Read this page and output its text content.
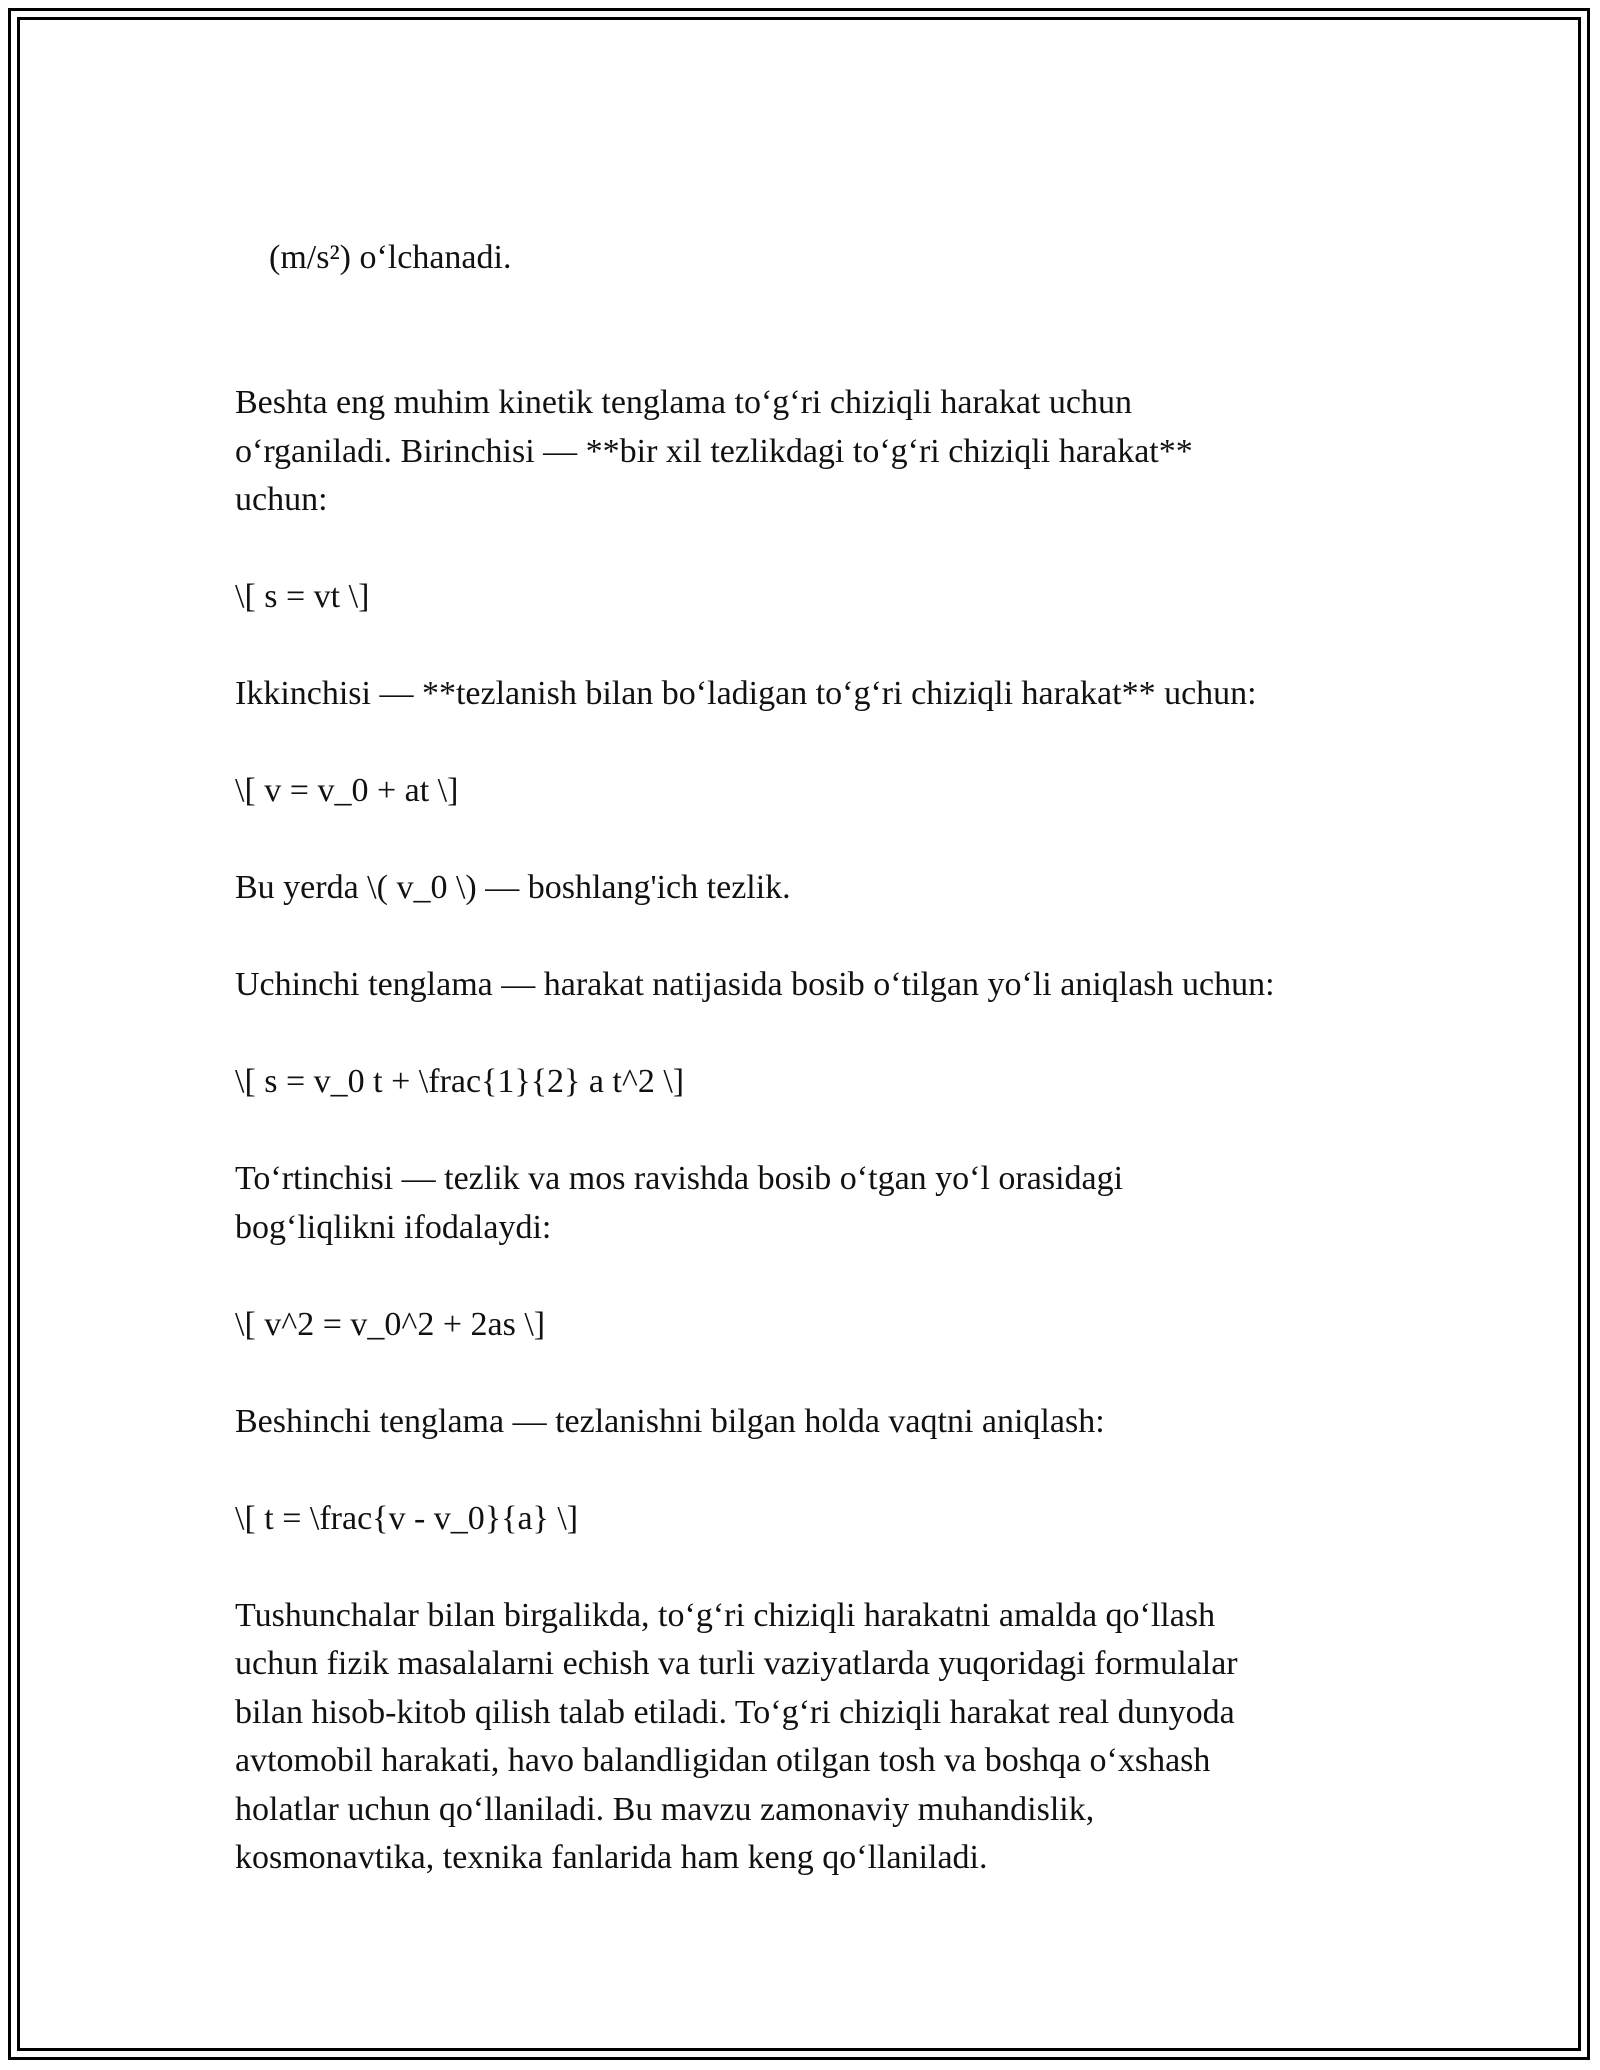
(m/s²) o‘lchanadi.

Beshta eng muhim kinetik tenglama to‘g‘ri chiziqli harakat uchun
o‘rganiladi. Birinchisi — **bir xil tezlikdagi to‘g‘ri chiziqli harakat**
uchun:

\[ s = vt \]

Ikkinchisi — **tezlanish bilan bo‘ladigan to‘g‘ri chiziqli harakat** uchun:

\[ v = v_0 + at \]

Bu yerda \( v_0 \) — boshlang'ich tezlik.

Uchinchi tenglama — harakat natijasida bosib o‘tilgan yo‘li aniqlash uchun:

\[ s = v_0 t + \frac{1}{2} a t^2 \]

To‘rtinchisi — tezlik va mos ravishda bosib o‘tgan yo‘l orasidagi
bog‘liqlikni ifodalaydi:

\[ v^2 = v_0^2 + 2as \]

Beshinchi tenglama — tezlanishni bilgan holda vaqtni aniqlash:

\[ t = \frac{v - v_0}{a} \]

Tushunchalar bilan birgalikda, to‘g‘ri chiziqli harakatni amalda qo‘llash
uchun fizik masalalarni echish va turli vaziyatlarda yuqoridagi formulalar
bilan hisob-kitob qilish talab etiladi. To‘g‘ri chiziqli harakat real dunyoda
avtomobil harakati, havo balandligidan otilgan tosh va boshqa o‘xshash
holatlar uchun qo‘llaniladi. Bu mavzu zamonaviy muhandislik,
kosmonavtika, texnika fanlarida ham keng qo‘llaniladi.
